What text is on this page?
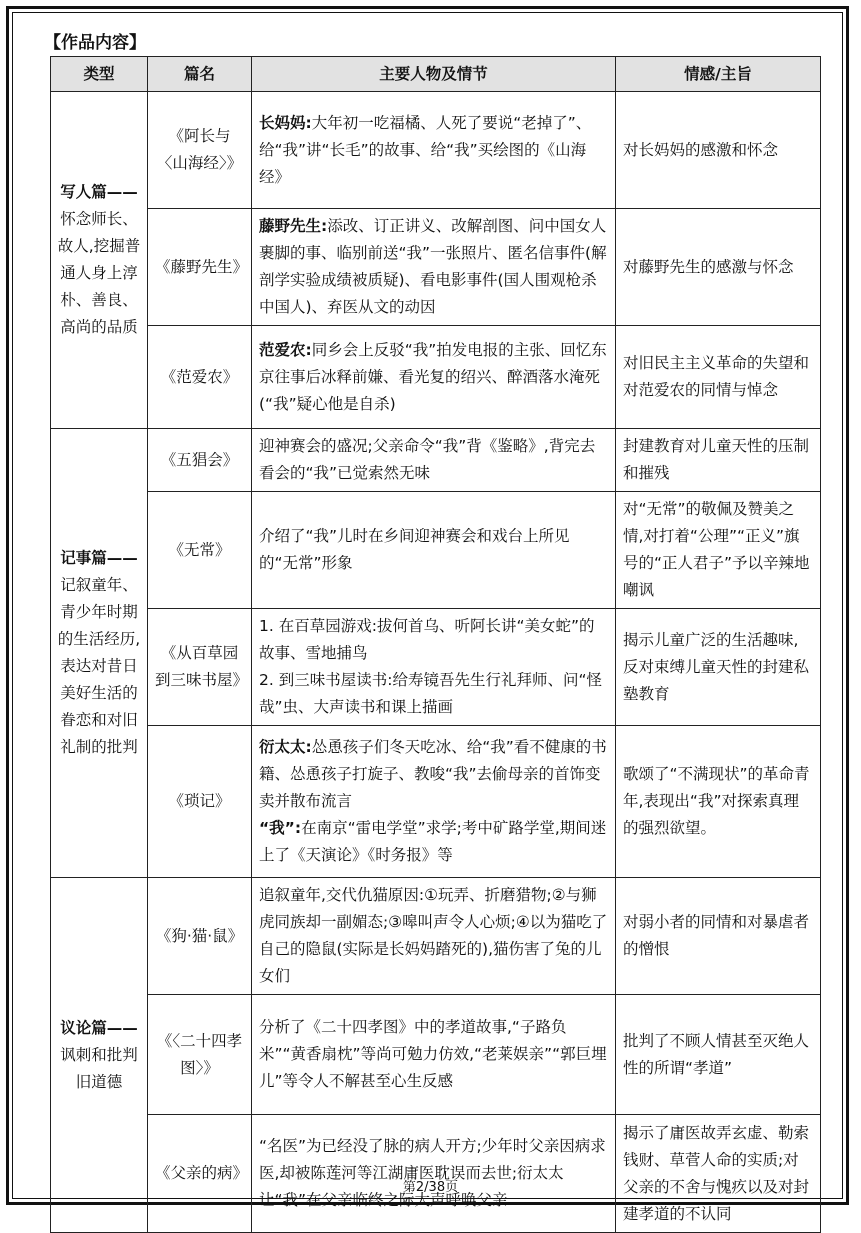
【作品内容】
类型	篇名	主要人物及情节	情感/主旨

写人篇——
怀念师长、故人,挖掘普通人身上淳朴、善良、高尚的品质	《阿长与〈山海经〉》	长妈妈:大年初一吃福橘、人死了要说“老掉了”、给“我”讲“长毛”的故事、给“我”买绘图的《山海经》	对长妈妈的感激和怀念
	《藤野先生》	藤野先生:添改、订正讲义、改解剖图、问中国女人裹脚的事、临别前送“我”一张照片、匿名信事件(解剖学实验成绩被质疑)、看电影事件(国人围观枪杀中国人)、弃医从文的动因	对藤野先生的感激与怀念
	《范爱农》	范爱农:同乡会上反驳“我”拍发电报的主张、回忆东京往事后冰释前嫌、看光复的绍兴、醉酒落水淹死(“我”疑心他是自杀)	对旧民主主义革命的失望和对范爱农的同情与悼念

记事篇——
记叙童年、青少年时期的生活经历,表达对昔日美好生活的眷恋和对旧礼制的批判	《五猖会》	迎神赛会的盛况;父亲命令“我”背《鉴略》,背完去看会的“我”已觉索然无味	封建教育对儿童天性的压制和摧残
	《无常》	介绍了“我”儿时在乡间迎神赛会和戏台上所见的“无常”形象	对“无常”的敬佩及赞美之情,对打着“公理”“正义”旗号的“正人君子”予以辛辣地嘲讽
	《从百草园到三味书屋》	1. 在百草园游戏:拔何首乌、听阿长讲“美女蛇”的故事、雪地捕鸟
2. 到三味书屋读书:给寿镜吾先生行礼拜师、问“怪哉”虫、大声读书和课上描画	揭示儿童广泛的生活趣味,反对束缚儿童天性的封建私塾教育
	《琐记》	衍太太:怂恿孩子们冬天吃冰、给“我”看不健康的书籍、怂恿孩子打旋子、教唆“我”去偷母亲的首饰变卖并散布流言
“我”:在南京“雷电学堂”求学;考中矿路学堂,期间迷上了《天演论》《时务报》等	歌颂了“不满现状”的革命青年,表现出“我”对探索真理的强烈欲望。

议论篇——
讽刺和批判旧道德	《狗·猫·鼠》	追叙童年,交代仇猫原因:①玩弄、折磨猎物;②与狮虎同族却一副媚态;③嗥叫声令人心烦;④以为猫吃了自己的隐鼠(实际是长妈妈踏死的),猫伤害了兔的儿女们	对弱小者的同情和对暴虐者的憎恨
	《〈二十四孝图〉》	分析了《二十四孝图》中的孝道故事,“子路负米”“黄香扇枕”等尚可勉力仿效,“老莱娱亲”“郭巨埋儿”等令人不解甚至心生反感	批判了不顾人情甚至灭绝人性的所谓“孝道”
	《父亲的病》	“名医”为已经没了脉的病人开方;少年时父亲因病求医,却被陈莲河等江湖庸医耽误而去世;衍太太让“我”在父亲临终之际大声呼唤父亲	揭示了庸医故弄玄虚、勒索钱财、草菅人命的实质;对父亲的不舍与愧疚以及对封建孝道的不认同
第2/38页
